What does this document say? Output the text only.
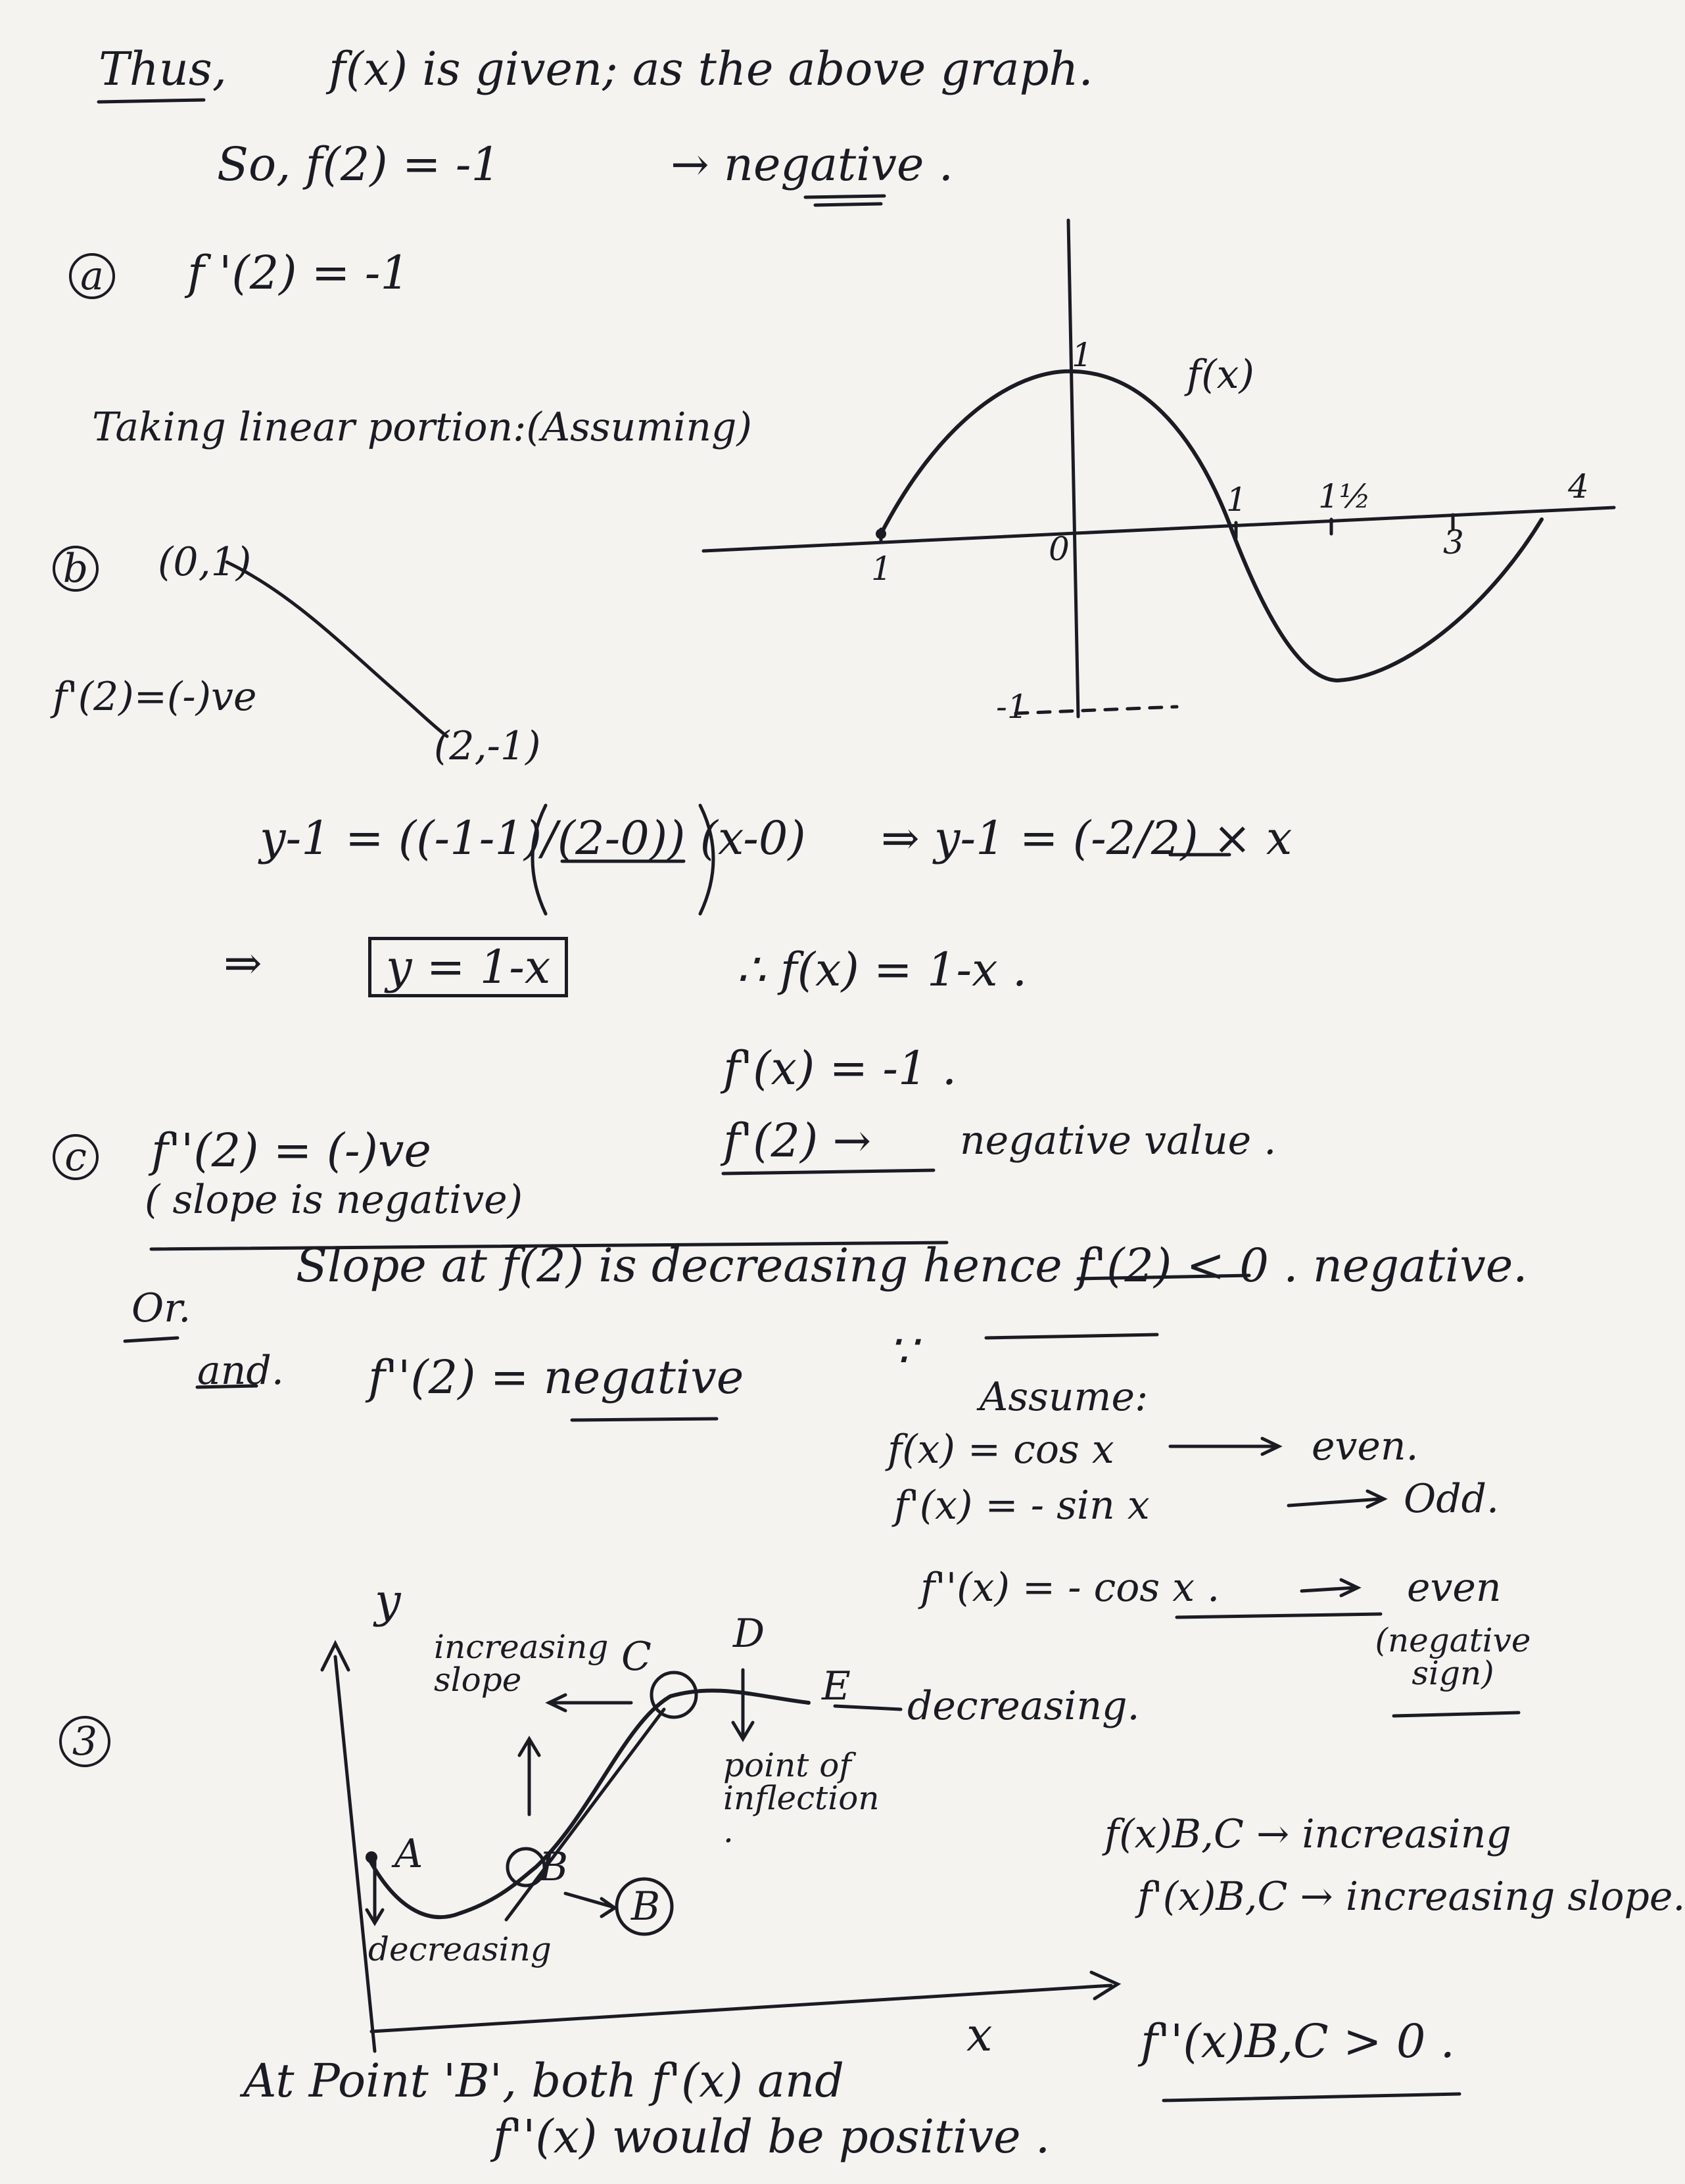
Thus, f(x) is given; as the above graph.
So, f(2) = -1	→ negative .
a f '(2) = -1
Taking linear portion:(Assuming)
f(x)
0
1
-1
1
1 1½
3
4
b (0,1)
f'(2)=(-)ve
(2,-1)
y-1 = ((-1-1)/(2-0)) (x-0) ⇒ y-1 = (-2/2) × x
⇒	y = 1-x	∴ f(x) = 1-x .
f'(x) = -1 .
f'(2) → negative value .
c f''(2) = (-)ve
( slope is negative)
Or.
Slope at f(2) is decreasing hence f'(2) < 0 . negative.
and. f''(2) = negative	∵
Assume:
f(x) = cos x	even.
f'(x) = - sin x	Odd.
f''(x) = - cos x .	even
(negative sign)
3
y
x
increasing slope
decreasing
decreasing.
point of inflection .
A	B
C D
E
B
f(x)B,C → increasing
f'(x)B,C → increasing slope.
f''(x)B,C > 0 .
At Point 'B', both f'(x) and
f''(x) would be positive .
